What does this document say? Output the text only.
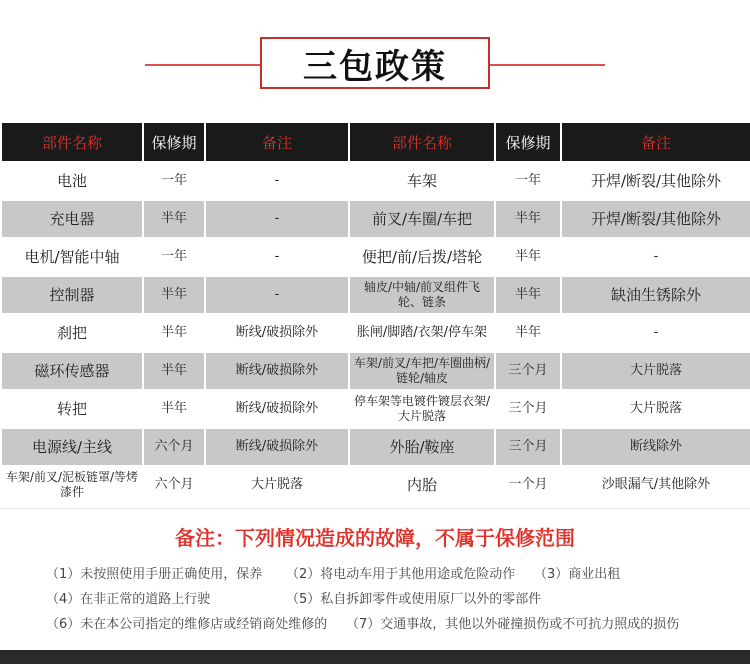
三包政策
部件名称	保修期	备注	部件名称	保修期	备注
电池	一年	-	车架	一年	开焊/断裂/其他除外
充电器	半年	-	前叉/车圈/车把	半年	开焊/断裂/其他除外
电机/智能中轴	一年	-	便把/前/后拨/塔轮	半年	-
控制器	半年	-	轴皮/中轴/前叉组件飞轮、链条	半年	缺油生锈除外
刹把	半年	断线/破损除外	胀闸/脚踏/衣架/停车架	半年	-
磁环传感器	半年	断线/破损除外	车架/前叉/车把/车圈曲柄/链轮/轴皮	三个月	大片脱落
转把	半年	断线/破损除外	停车架等电镀件镀层衣架/大片脱落	三个月	大片脱落
电源线/主线	六个月	断线/破损除外	外胎/鞍座	三个月	断线除外
车架/前叉/泥板链罩/等烤漆件	六个月	大片脱落	内胎	一个月	沙眼漏气/其他除外
备注：下列情况造成的故障，不属于保修范围
（1）未按照使用手册正确使用，保养 （2）将电动车用于其他用途或危险动作 （3）商业出租
（4）在非正常的道路上行驶	（5）私自拆卸零件或使用原厂以外的零部件
（6）未在本公司指定的维修店或经销商处维修的 （7）交通事故，其他以外碰撞损伤或不可抗力照成的损伤
